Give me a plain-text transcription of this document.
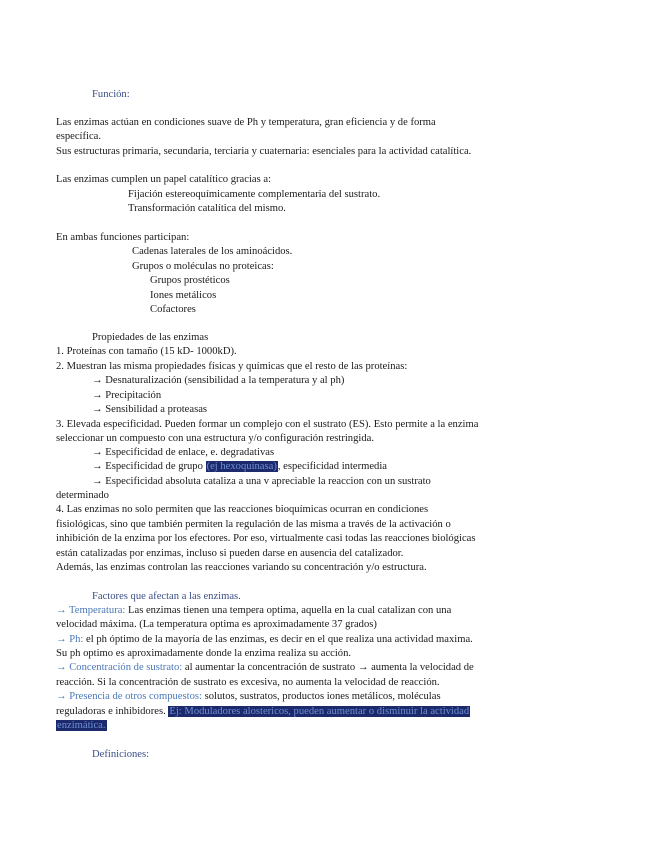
Función:
Las enzimas actúan en condiciones suave de Ph y temperatura, gran eficiencia y de forma
específica.
Sus estructuras primaria, secundaria, terciaria y cuaternaria: esenciales para la actividad catalítica.
Las enzimas cumplen un papel catalítico gracias a:
Fijación estereoquímicamente complementaria del sustrato.
Transformación catalítica del mismo.
En ambas funciones participan:
Cadenas laterales de los aminoácidos.
Grupos o moléculas no proteicas:
Grupos prostéticos
Iones metálicos
Cofactores
Propiedades de las enzimas
1. Proteínas con tamaño (15 kD- 1000kD).
2. Muestran las misma propiedades físicas y químicas que el resto de las proteínas:
→ Desnaturalización (sensibilidad a la temperatura y al ph)
→ Precipitación
→ Sensibilidad a proteasas
3. Elevada especificidad. Pueden formar un complejo con el sustrato (ES). Esto permite a la enzima
seleccionar un compuesto con una estructura y/o configuración restringida.
→ Especificidad de enlace, e. degradativas
→ Especificidad de grupo (ej hexoquinasa), especificidad intermedia
→ Especificidad absoluta cataliza a una v apreciable la reaccion con un sustrato
determinado
4. Las enzimas no solo permiten que las reacciones bioquímicas ocurran en condiciones
fisiológicas, sino que también permiten la regulación de las misma a través de la activación o
inhibición de la enzima por los efectores. Por eso, virtualmente casi todas las reacciones biológicas
están catalizadas por enzimas, incluso si pueden darse en ausencia del catalizador.
Además, las enzimas controlan las reacciones variando su concentración y/o estructura.
Factores que afectan a las enzimas.
→ Temperatura: Las enzimas tienen una tempera optima, aquella en la cual catalizan con una
velocidad máxima. (La temperatura optima es aproximadamente 37 grados)
→ Ph: el ph óptimo de la mayoría de las enzimas, es decir en el que realiza una actividad maxima.
Su ph optimo es aproximadamente donde la enzima realiza su acción.
→ Concentración de sustrato: al aumentar la concentración de sustrato → aumenta la velocidad de
reacción. Si la concentración de sustrato es excesiva, no aumenta la velocidad de reacción.
→ Presencia de otros compuestos: solutos, sustratos, productos iones metálicos, moléculas
reguladoras e inhibidores. Ej: Moduladores alostericos, pueden aumentar o disminuir la actividad
enzimática.
Definiciones:
